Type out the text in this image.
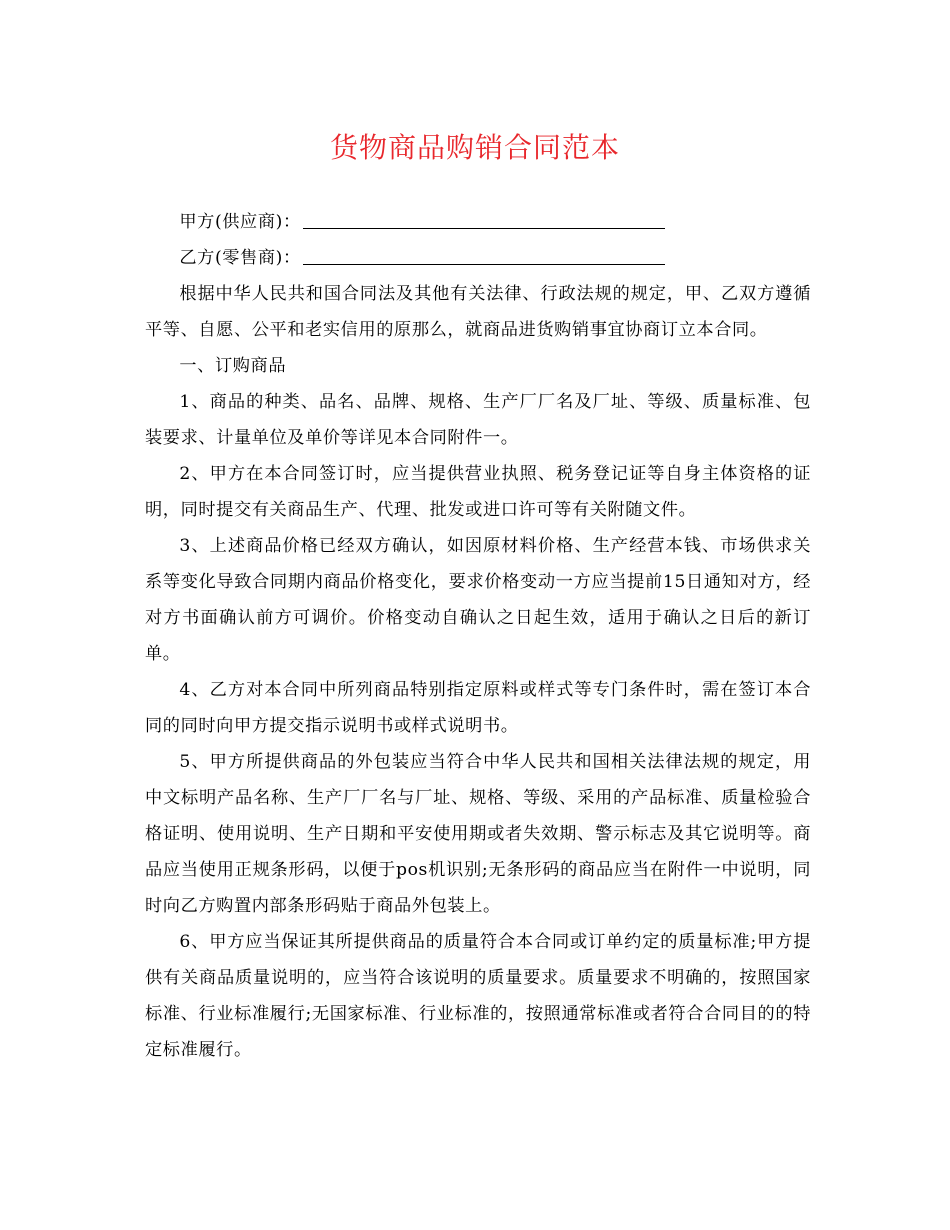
货物商品购销合同范本

甲方(供应商)：

乙方(零售商)：

根据中华人民共和国合同法及其他有关法律、行政法规的规定，甲、乙双方遵循平等、自愿、公平和老实信用的原那么，就商品进货购销事宜协商订立本合同。

一、订购商品

1、商品的种类、品名、品牌、规格、生产厂厂名及厂址、等级、质量标准、包装要求、计量单位及单价等详见本合同附件一。

2、甲方在本合同签订时，应当提供营业执照、税务登记证等自身主体资格的证明，同时提交有关商品生产、代理、批发或进口许可等有关附随文件。

3、上述商品价格已经双方确认，如因原材料价格、生产经营本钱、市场供求关系等变化导致合同期内商品价格变化，要求价格变动一方应当提前15日通知对方，经对方书面确认前方可调价。价格变动自确认之日起生效，适用于确认之日后的新订单。

4、乙方对本合同中所列商品特别指定原料或样式等专门条件时，需在签订本合同的同时向甲方提交指示说明书或样式说明书。

5、甲方所提供商品的外包装应当符合中华人民共和国相关法律法规的规定，用中文标明产品名称、生产厂厂名与厂址、规格、等级、采用的产品标准、质量检验合格证明、使用说明、生产日期和平安使用期或者失效期、警示标志及其它说明等。商品应当使用正规条形码，以便于pos机识别;无条形码的商品应当在附件一中说明，同时向乙方购置内部条形码贴于商品外包装上。

6、甲方应当保证其所提供商品的质量符合本合同或订单约定的质量标准;甲方提供有关商品质量说明的，应当符合该说明的质量要求。质量要求不明确的，按照国家标准、行业标准履行;无国家标准、行业标准的，按照通常标准或者符合合同目的的特定标准履行。
